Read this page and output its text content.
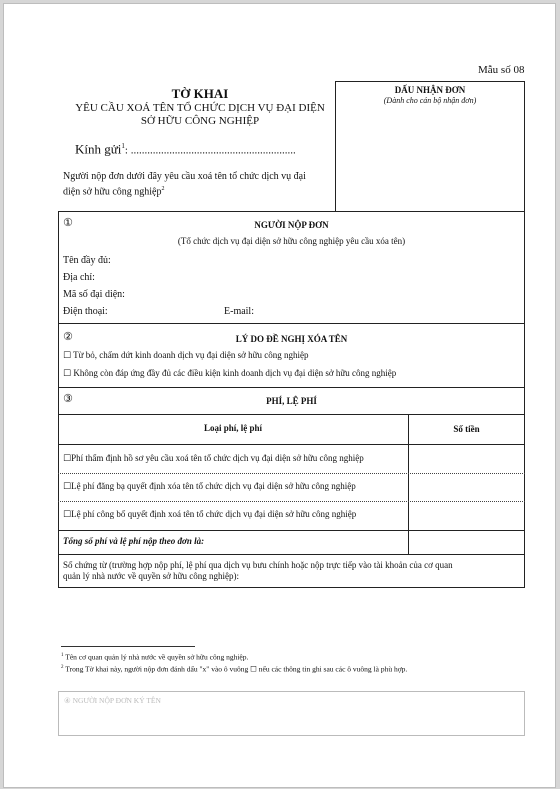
Mẫu số 08
TỜ KHAI
YÊU CẦU XOÁ TÊN TỔ CHỨC DỊCH VỤ ĐẠI DIỆN
SỞ HỮU CÔNG NGHIỆP
Kính gửi$^1$: ............................................................
Người nộp đơn dưới đây yêu cầu xoá tên tổ chức dịch vụ đại
diện sở hữu công nghiệp$^2$
DẤU NHẬN ĐƠN
(Dành cho cán bộ nhận đơn)
①	NGƯỜI NỘP ĐƠN
(Tổ chức dịch vụ đại diện sở hữu công nghiệp yêu cầu xóa tên)
Tên đầy đủ:
Địa chỉ:
Mã số đại diện:
Điện thoại:	E-mail:
②	LÝ DO ĐỀ NGHỊ XÓA TÊN
☐ Từ bỏ, chấm dứt kinh doanh dịch vụ đại diện sở hữu công nghiệp
☐ Không còn đáp ứng đầy đủ các điều kiện kinh doanh dịch vụ đại diện sở hữu công nghiệp
③	PHÍ, LỆ PHÍ
Loại phí, lệ phí	Số tiền
☐Phí thẩm định hồ sơ yêu cầu xoá tên tổ chức dịch vụ đại diện sở hữu công nghiệp
☐Lệ phí đăng bạ quyết định xóa tên tổ chức dịch vụ đại diện sở hữu công nghiệp
☐Lệ phí công bố quyết định xoá tên tổ chức dịch vụ đại diện sở hữu công nghiệp
Tổng số phí và lệ phí nộp theo đơn là:
Số chứng từ (trường hợp nộp phí, lệ phí qua dịch vụ bưu chính hoặc nộp trực tiếp vào tài khoản của cơ quan
quản lý nhà nước về quyền sở hữu công nghiệp):
$^1$ Tên cơ quan quản lý nhà nước về quyền sở hữu công nghiệp.
$^2$ Trong Tờ khai này, người nộp đơn đánh dấu "x" vào ô vuông ☐ nếu các thông tin ghi sau các ô vuông là phù hợp.
④ NGƯỜI NỘP ĐƠN KÝ TÊN
